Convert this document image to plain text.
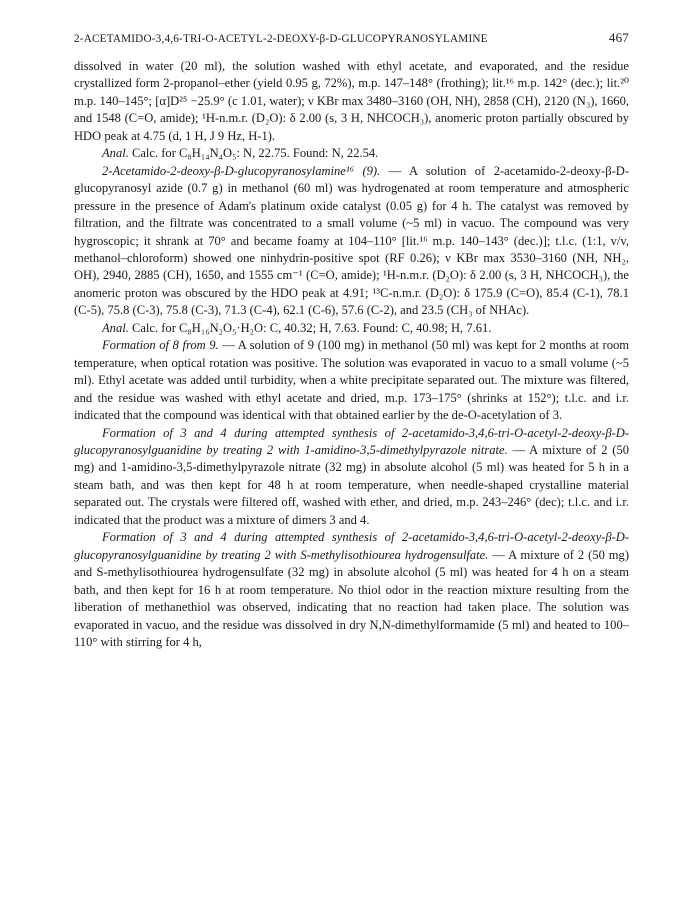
2-ACETAMIDO-3,4,6-TRI-O-ACETYL-2-DEOXY-β-D-GLUCOPYRANOSYLAMINE	467

dissolved in water (20 ml), the solution washed with ethyl acetate, and evaporated, and the residue crystallized form 2-propanol–ether (yield 0.95 g, 72%), m.p. 147–148° (frothing); lit.¹⁶ m.p. 142° (dec.); lit.²⁰ m.p. 140–145°; [α]D²⁵ −25.9° (c 1.01, water); ν KBr max 3480–3160 (OH, NH), 2858 (CH), 2120 (N₃), 1660, and 1548 (C=O, amide); ¹H-n.m.r. (D₂O): δ 2.00 (s, 3 H, NHCOCH₃), anomeric proton partially obscured by HDO peak at 4.75 (d, 1 H, J 9 Hz, H-1).

Anal. Calc. for C₈H₁₄N₄O₅: N, 22.75. Found: N, 22.54.

2-Acetamido-2-deoxy-β-D-glucopyranosylamine¹⁶ (9). — A solution of 2-acetamido-2-deoxy-β-D-glucopyranosyl azide (0.7 g) in methanol (60 ml) was hydrogenated at room temperature and atmospheric pressure in the presence of Adam's platinum oxide catalyst (0.05 g) for 4 h. The catalyst was removed by filtration, and the filtrate was concentrated to a small volume (~5 ml) in vacuo. The compound was very hygroscopic; it shrank at 70° and became foamy at 104–110° [lit.¹⁶ m.p. 140–143° (dec.)]; t.l.c. (1:1, v/v, methanol–chloroform) showed one ninhydrin-positive spot (RF 0.26); ν KBr max 3530–3160 (NH, NH₂, OH), 2940, 2885 (CH), 1650, and 1555 cm⁻¹ (C=O, amide); ¹H-n.m.r. (D₂O): δ 2.00 (s, 3 H, NHCOCH₃), the anomeric proton was obscured by the HDO peak at 4.91; ¹³C-n.m.r. (D₂O): δ 175.9 (C=O), 85.4 (C-1), 78.1 (C-5), 75.8 (C-3), 75.8 (C-3), 71.3 (C-4), 62.1 (C-6), 57.6 (C-2), and 23.5 (CH₃ of NHAc).

Anal. Calc. for C₈H₁₆N₂O₅·H₂O: C, 40.32; H, 7.63. Found: C, 40.98; H, 7.61.

Formation of 8 from 9. — A solution of 9 (100 mg) in methanol (50 ml) was kept for 2 months at room temperature, when optical rotation was positive. The solution was evaporated in vacuo to a small volume (~5 ml). Ethyl acetate was added until turbidity, when a white precipitate separated out. The mixture was filtered, and the residue was washed with ethyl acetate and dried, m.p. 173–175° (shrinks at 152°); t.l.c. and i.r. indicated that the compound was identical with that obtained earlier by the de-O-acetylation of 3.

Formation of 3 and 4 during attempted synthesis of 2-acetamido-3,4,6-tri-O-acetyl-2-deoxy-β-D-glucopyranosylguanidine by treating 2 with 1-amidino-3,5-dimethylpyrazole nitrate. — A mixture of 2 (50 mg) and 1-amidino-3,5-dimethylpyrazole nitrate (32 mg) in absolute alcohol (5 ml) was heated for 5 h in a steam bath, and was then kept for 48 h at room temperature, when needle-shaped crystalline material separated out. The crystals were filtered off, washed with ether, and dried, m.p. 243–246° (dec); t.l.c. and i.r. indicated that the product was a mixture of dimers 3 and 4.

Formation of 3 and 4 during attempted synthesis of 2-acetamido-3,4,6-tri-O-acetyl-2-deoxy-β-D-glucopyranosylguanidine by treating 2 with S-methylisothiourea hydrogensulfate. — A mixture of 2 (50 mg) and S-methylisothiourea hydrogensulfate (32 mg) in absolute alcohol (5 ml) was heated for 4 h on a steam bath, and then kept for 16 h at room temperature. No thiol odor in the reaction mixture resulting from the liberation of methanethiol was observed, indicating that no reaction had taken place. The solution was evaporated in vacuo, and the residue was dissolved in dry N,N-dimethylformamide (5 ml) and heated to 100–110° with stirring for 4 h,
